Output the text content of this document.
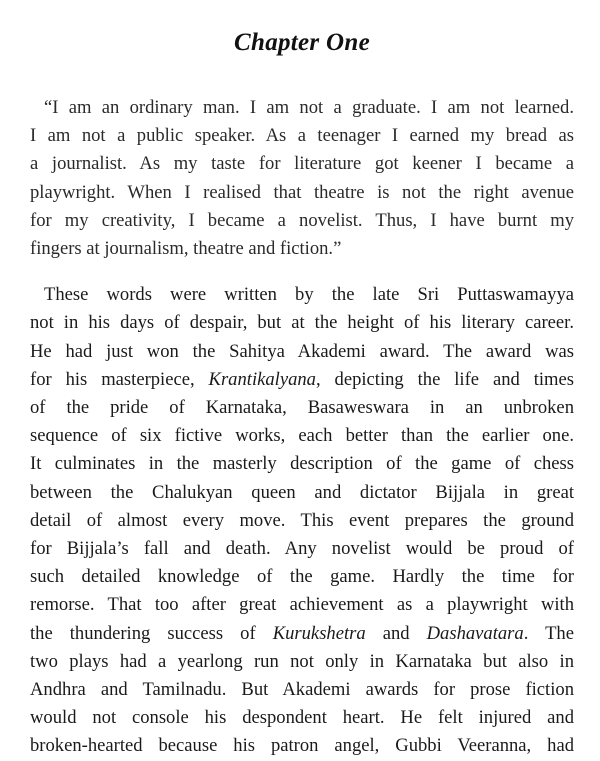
Chapter One

“I am an ordinary man. I am not a graduate. I am not learned.
I am not a public speaker. As a teenager I earned my bread as
a journalist. As my taste for literature got keener I became a
playwright. When I realised that theatre is not the right avenue
for my creativity, I became a novelist. Thus, I have burnt my
fingers at journalism, theatre and fiction.”

These words were written by the late Sri Puttaswamayya
not in his days of despair, but at the height of his literary career.
He had just won the Sahitya Akademi award. The award was
for his masterpiece, Krantikalyana, depicting the life and times
of the pride of Karnataka, Basaweswara in an unbroken
sequence of six fictive works, each better than the earlier one.
It culminates in the masterly description of the game of chess
between the Chalukyan queen and dictator Bijjala in great
detail of almost every move. This event prepares the ground
for Bijjala’s fall and death. Any novelist would be proud of
such detailed knowledge of the game. Hardly the time for
remorse. That too after great achievement as a playwright with
the thundering success of Kurukshetra and Dashavatara. The
two plays had a yearlong run not only in Karnataka but also in
Andhra and Tamilnadu. But Akademi awards for prose fiction
would not console his despondent heart. He felt injured and
broken-hearted because his patron angel, Gubbi Veeranna, had
